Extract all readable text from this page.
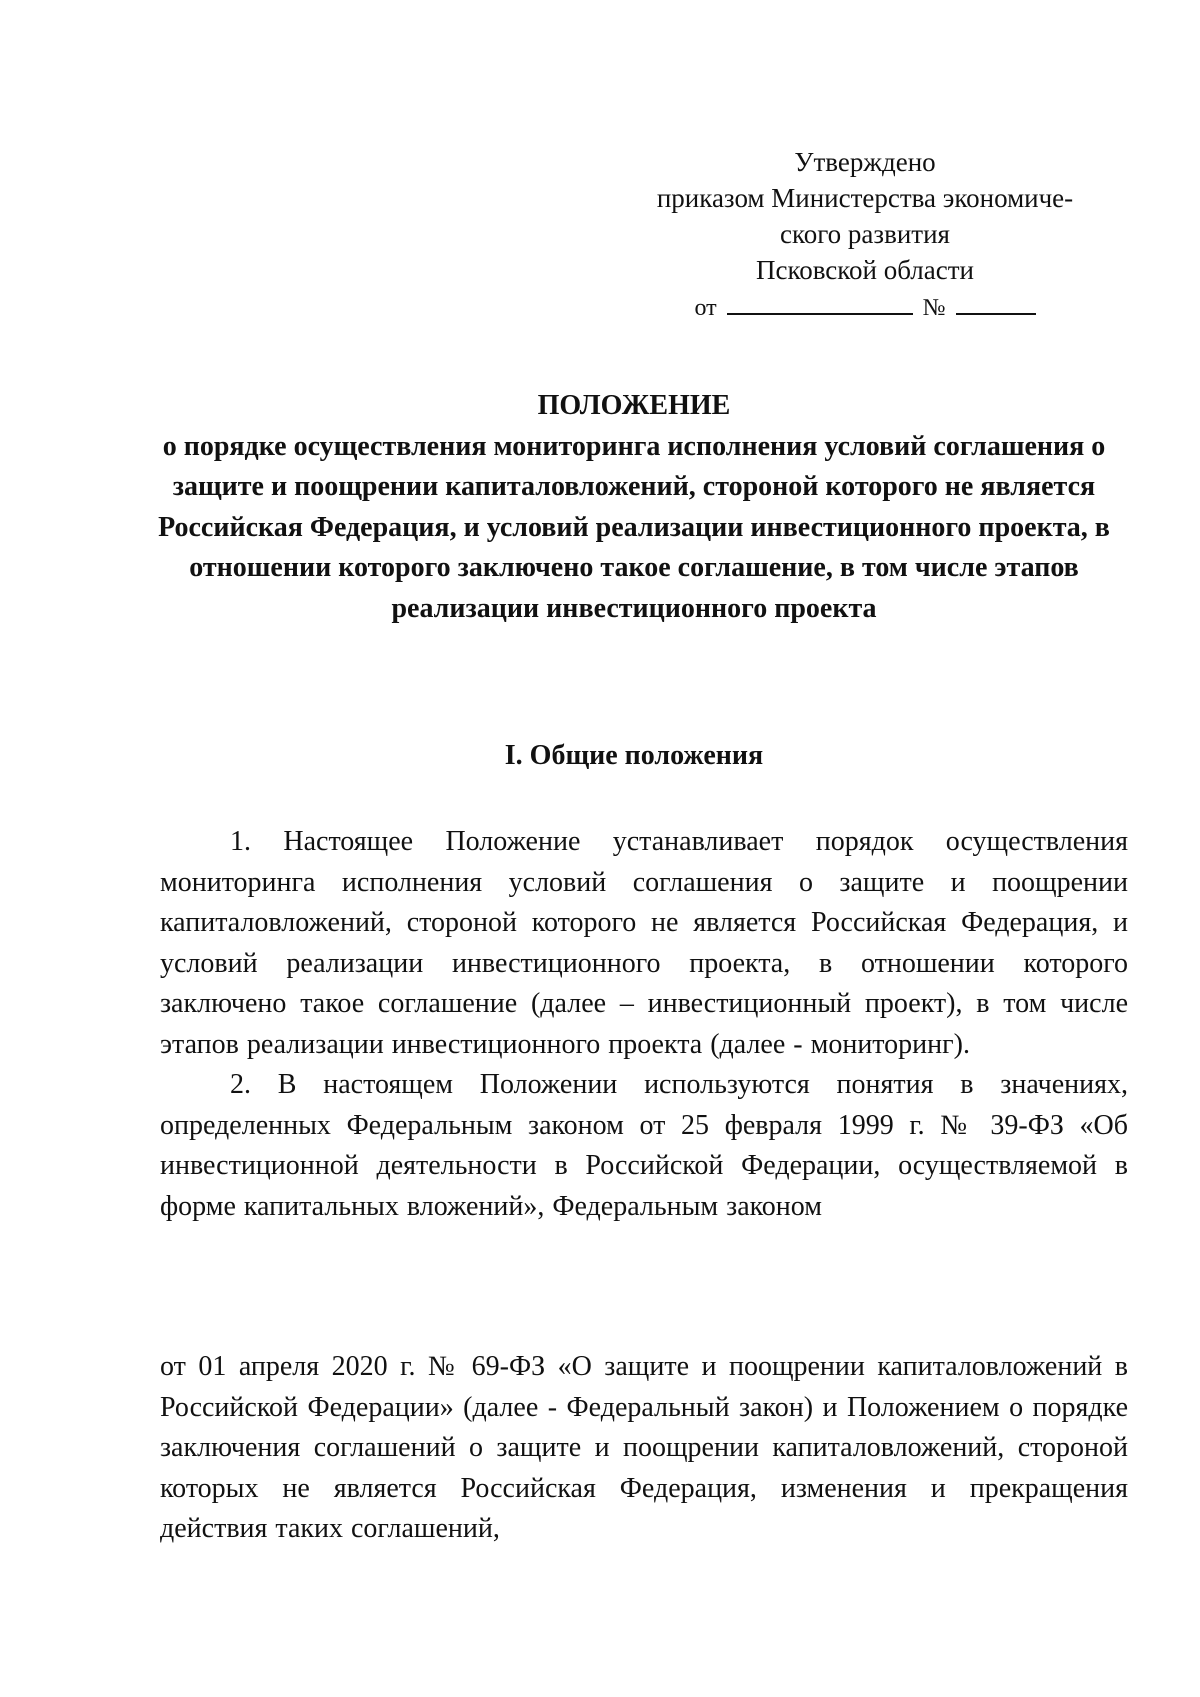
Утверждено
приказом Министерства экономиче-
ского развития
Псковской области
от	№
ПОЛОЖЕНИЕ
о порядке осуществления мониторинга исполнения условий соглашения о защите и поощрении капиталовложений, стороной которого не является Российская Федерация, и условий реализации инвестиционного проекта, в отношении которого заключено такое соглашение, в том числе этапов реализации инвестиционного проекта
I. Общие положения

1. Настоящее Положение устанавливает порядок осуществления мониторинга исполнения условий соглашения о защите и поощрении капиталовложений, стороной которого не является Российская Федерация, и условий реализации инвестиционного проекта, в отношении которого заключено такое соглашение (далее – инвестиционный проект), в том числе этапов реализации инвестиционного проекта (далее - мониторинг).

2. В настоящем Положении используются понятия в значениях, определенных Федеральным законом от 25 февраля 1999 г. № 39-ФЗ «Об инвестиционной деятельности в Российской Федерации, осуществляемой в форме капитальных вложений», Федеральным законом

от 01 апреля 2020 г. № 69-ФЗ «О защите и поощрении капиталовложений в Российской Федерации» (далее - Федеральный закон) и Положением о порядке заключения соглашений о защите и поощрении капиталовложений, стороной которых не является Российская Федерация, изменения и прекращения действия таких соглашений,
